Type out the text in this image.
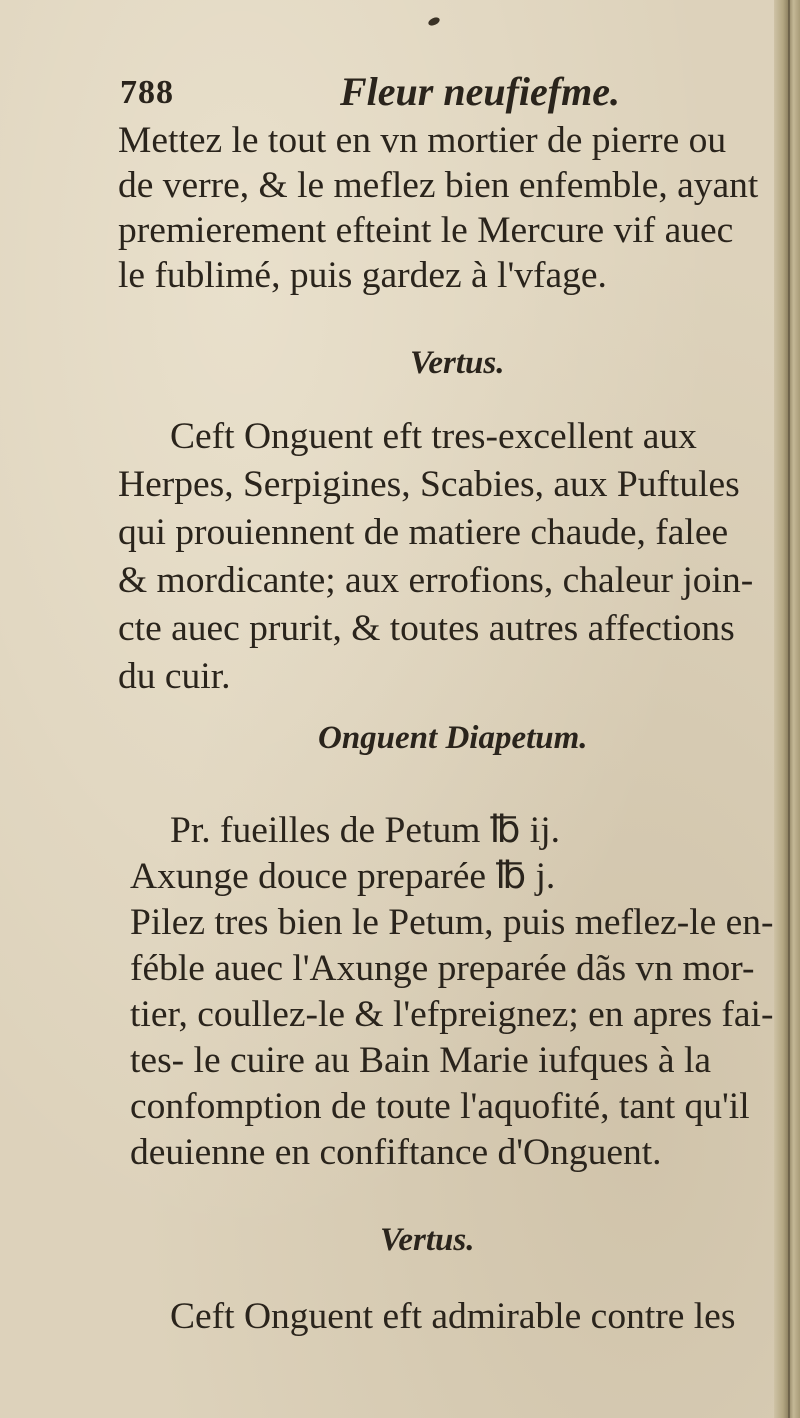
788	Fleur neufiefme.
Mettez le tout en vn mortier de pierre ou
de verre, & le meflez bien enfemble, ayant
premierement efteint le Mercure vif auec
le fublimé, puis gardez à l'vfage.
Vertus.
Ceft Onguent eft tres-excellent aux
Herpes, Serpigines, Scabies, aux Puftules
qui prouiennent de matiere chaude, falee
& mordicante; aux errofions, chaleur join-
cte auec prurit, & toutes autres affections
du cuir.
Onguent Diapetum.
Pr. fueilles de Petum ℔ ij.
Axunge douce preparée ℔ j.
Pilez tres bien le Petum, puis meflez-le en-
féble auec l'Axunge preparée dãs vn mor-
tier, coullez-le & l'efpreignez; en apres fai-
tes- le cuire au Bain Marie iufques à la
confomption de toute l'aquofité, tant qu'il
deuienne en confiftance d'Onguent.
Vertus.
Ceft Onguent eft admirable contre les
